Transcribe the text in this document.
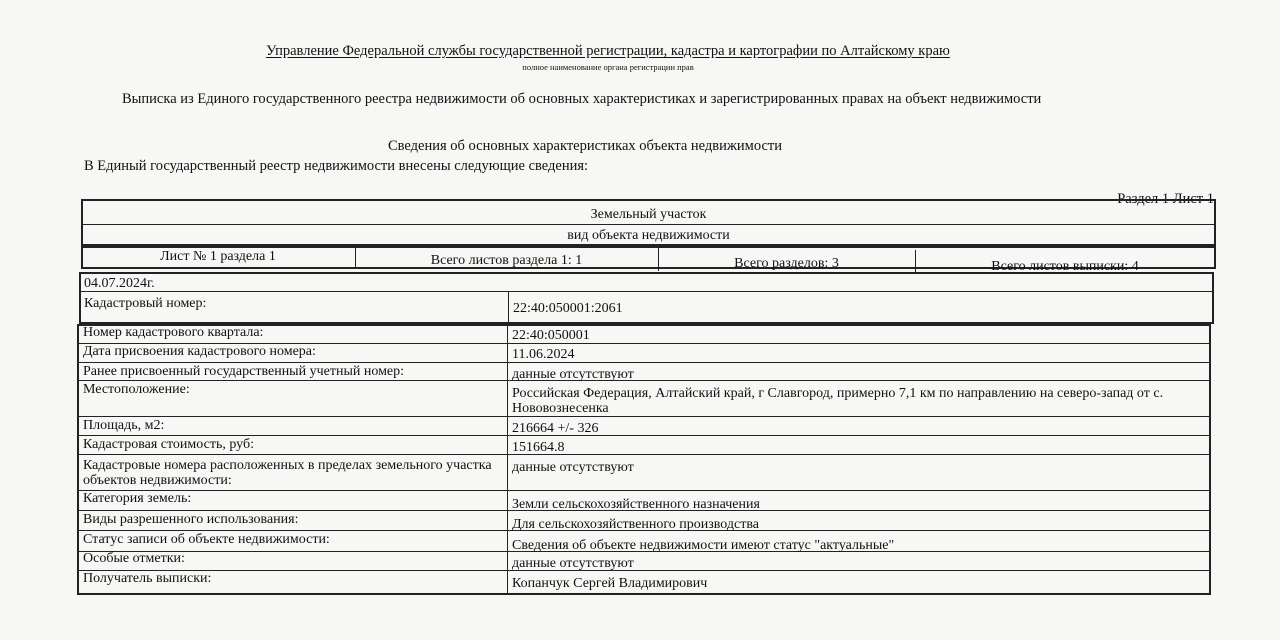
Управление Федеральной службы государственной регистрации, кадастра и картографии по Алтайскому краю
полное наименование органа регистрации прав
Выписка из Единого государственного реестра недвижимости об основных характеристиках и зарегистрированных правах на объект недвижимости
Сведения об основных характеристиках объекта недвижимости
В Единый государственный реестр недвижимости внесены следующие сведения:
Раздел 1 Лист 1
Земельный участок
вид объекта недвижимости
Лист № 1 раздела 1	Всего листов раздела 1: 1	Всего разделов: 3	Всего листов выписки: 4
04.07.2024г.
Кадастровый номер:	22:40:050001:2061
Номер кадастрового квартала:	22:40:050001
Дата присвоения кадастрового номера:	11.06.2024
Ранее присвоенный государственный учетный номер:	данные отсутствуют
Местоположение:	Российская Федерация, Алтайский край, г Славгород, примерно 7,1 км по направлению на северо-запад от с. Нововознесенка
Площадь, м2:	216664 +/- 326
Кадастровая стоимость, руб:	151664.8
Кадастровые номера расположенных в пределах земельного участка объектов недвижимости:
данные отсутствуют
Категория земель:	Земли сельскохозяйственного назначения
Виды разрешенного использования:	Для сельскохозяйственного производства
Статус записи об объекте недвижимости:	Сведения об объекте недвижимости имеют статус "актуальные"
Особые отметки:	данные отсутствуют
Получатель выписки:	Копанчук Сергей Владимирович
